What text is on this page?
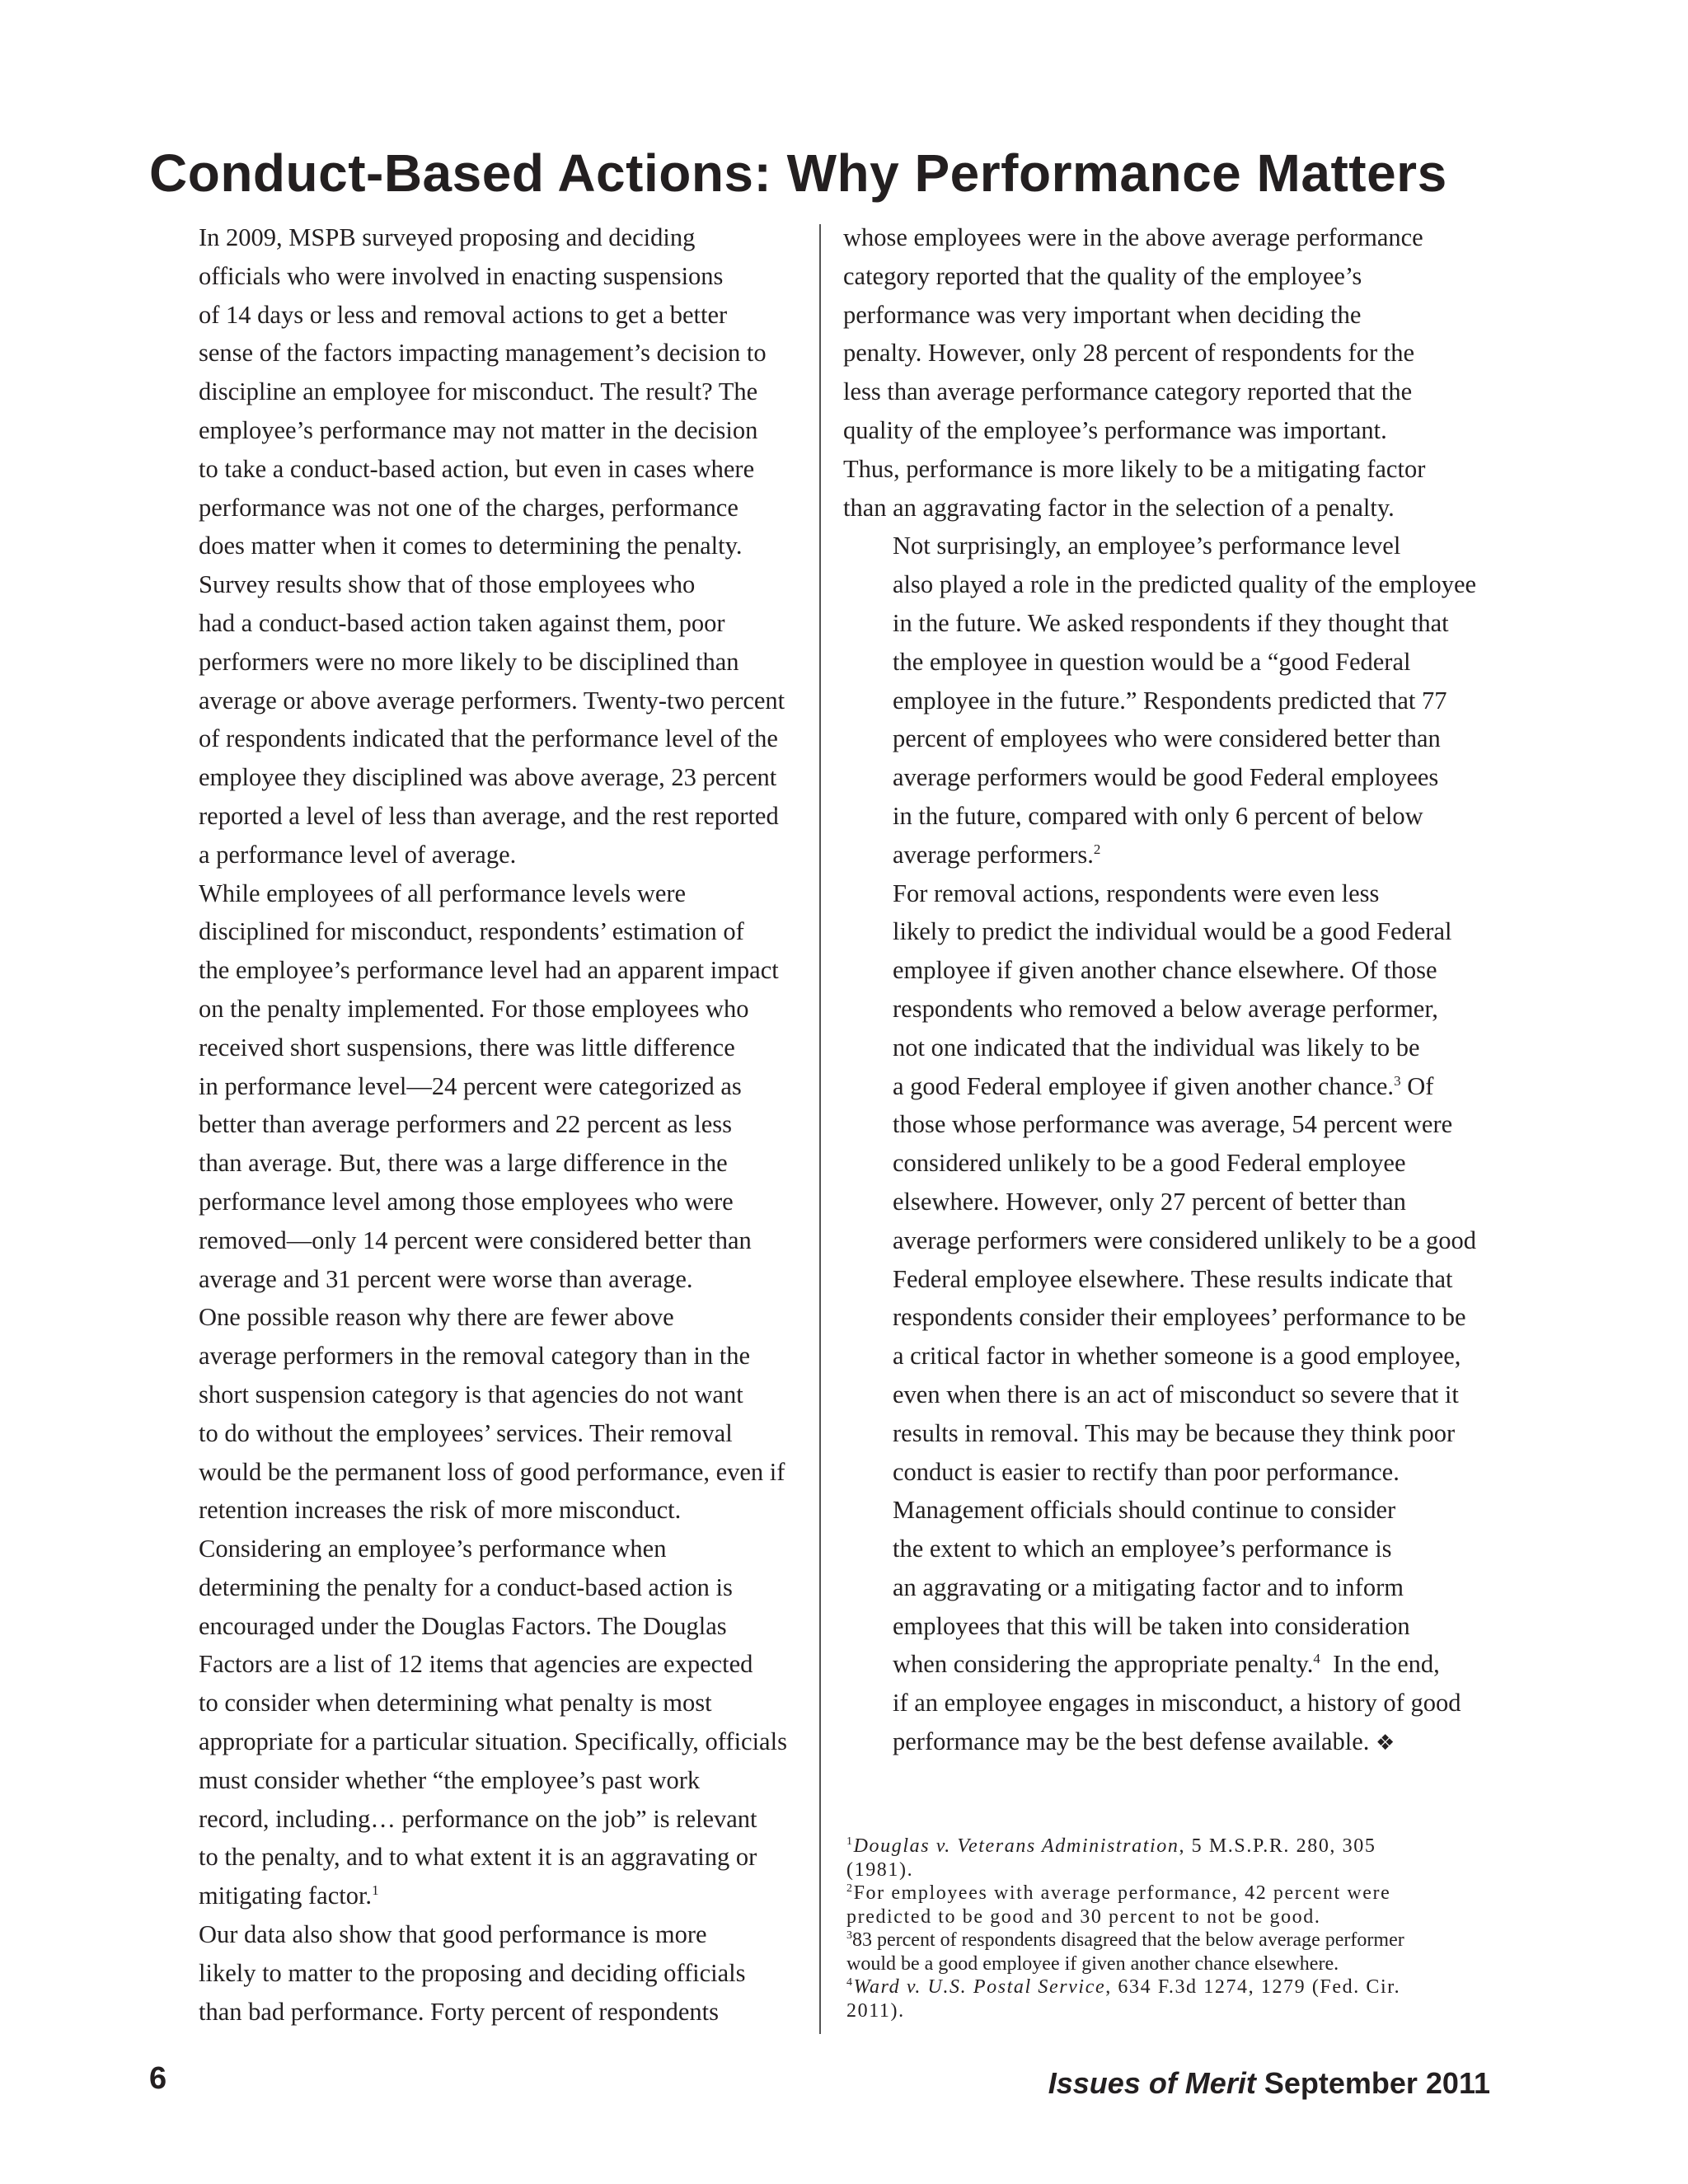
Conduct-Based Actions: Why Performance Matters

In 2009, MSPB surveyed proposing and deciding
officials who were involved in enacting suspensions
of 14 days or less and removal actions to get a better
sense of the factors impacting management’s decision to
discipline an employee for misconduct. The result? The
employee’s performance may not matter in the decision
to take a conduct-based action, but even in cases where
performance was not one of the charges, performance
does matter when it comes to determining the penalty.

Survey results show that of those employees who
had a conduct-based action taken against them, poor
performers were no more likely to be disciplined than
average or above average performers. Twenty-two percent
of respondents indicated that the performance level of the
employee they disciplined was above average, 23 percent
reported a level of less than average, and the rest reported
a performance level of average.

While employees of all performance levels were
disciplined for misconduct, respondents’ estimation of
the employee’s performance level had an apparent impact
on the penalty implemented. For those employees who
received short suspensions, there was little difference
in performance level—24 percent were categorized as
better than average performers and 22 percent as less
than average. But, there was a large difference in the
performance level among those employees who were
removed—only 14 percent were considered better than
average and 31 percent were worse than average.

One possible reason why there are fewer above
average performers in the removal category than in the
short suspension category is that agencies do not want
to do without the employees’ services. Their removal
would be the permanent loss of good performance, even if
retention increases the risk of more misconduct.

Considering an employee’s performance when
determining the penalty for a conduct-based action is
encouraged under the Douglas Factors. The Douglas
Factors are a list of 12 items that agencies are expected
to consider when determining what penalty is most
appropriate for a particular situation. Specifically, officials
must consider whether “the employee’s past work
record, including… performance on the job” is relevant
to the penalty, and to what extent it is an aggravating or
mitigating factor.$^1$

Our data also show that good performance is more
likely to matter to the proposing and deciding officials
than bad performance. Forty percent of respondents

whose employees were in the above average performance
category reported that the quality of the employee’s
performance was very important when deciding the
penalty. However, only 28 percent of respondents for the
less than average performance category reported that the
quality of the employee’s performance was important.
Thus, performance is more likely to be a mitigating factor
than an aggravating factor in the selection of a penalty.

Not surprisingly, an employee’s performance level
also played a role in the predicted quality of the employee
in the future. We asked respondents if they thought that
the employee in question would be a “good Federal
employee in the future.” Respondents predicted that 77
percent of employees who were considered better than
average performers would be good Federal employees
in the future, compared with only 6 percent of below
average performers.$^2$

For removal actions, respondents were even less
likely to predict the individual would be a good Federal
employee if given another chance elsewhere. Of those
respondents who removed a below average performer,
not one indicated that the individual was likely to be
a good Federal employee if given another chance.$^3$ Of
those whose performance was average, 54 percent were
considered unlikely to be a good Federal employee
elsewhere. However, only 27 percent of better than
average performers were considered unlikely to be a good
Federal employee elsewhere. These results indicate that
respondents consider their employees’ performance to be
a critical factor in whether someone is a good employee,
even when there is an act of misconduct so severe that it
results in removal. This may be because they think poor
conduct is easier to rectify than poor performance.

Management officials should continue to consider
the extent to which an employee’s performance is
an aggravating or a mitigating factor and to inform
employees that this will be taken into consideration
when considering the appropriate penalty.$^4$  In the end,
if an employee engages in misconduct, a history of good
performance may be the best defense available. ❖

$^1$Douglas v. Veterans Administration, 5 M.S.P.R. 280, 305
(1981).
$^2$For employees with average performance, 42 percent were
predicted to be good and 30 percent to not be good.
$^3$83 percent of respondents disagreed that the below average performer
would be a good employee if given another chance elsewhere.
$^4$Ward v. U.S. Postal Service, 634 F.3d 1274, 1279 (Fed. Cir.
2011).
6	Issues of Merit September 2011
